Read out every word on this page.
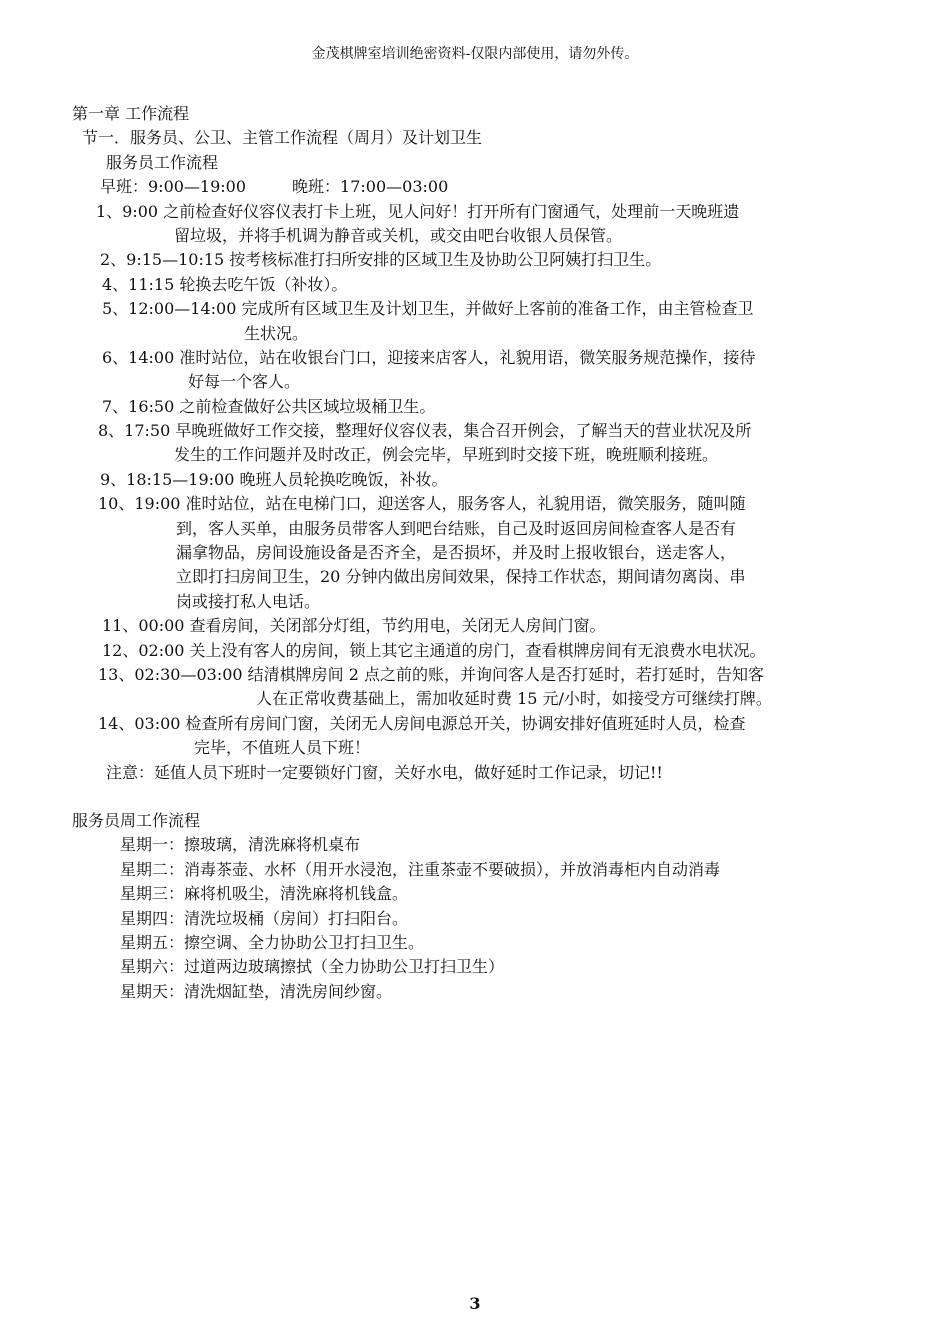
金茂棋牌室培训绝密资料-仅限内部使用，请勿外传。
第一章 工作流程
节一．服务员、公卫、主管工作流程（周月）及计划卫生
服务员工作流程
早班：9:00—19:00	晚班：17:00—03:00
1、9:00 之前检查好仪容仪表打卡上班，见人问好！打开所有门窗通气，处理前一天晚班遗
留垃圾，并将手机调为静音或关机，或交由吧台收银人员保管。
2、9:15—10:15 按考核标准打扫所安排的区域卫生及协助公卫阿姨打扫卫生。
4、11:15 轮换去吃午饭（补妆）。
5、12:00—14:00 完成所有区域卫生及计划卫生，并做好上客前的准备工作，由主管检查卫
生状况。
6、14:00 准时站位，站在收银台门口，迎接来店客人，礼貌用语，微笑服务规范操作，接待
好每一个客人。
7、16:50 之前检查做好公共区域垃圾桶卫生。
8、17:50 早晚班做好工作交接，整理好仪容仪表，集合召开例会，了解当天的营业状况及所
发生的工作问题并及时改正，例会完毕，早班到时交接下班，晚班顺利接班。
9、18:15—19:00 晚班人员轮换吃晚饭，补妆。
10、19:00 准时站位，站在电梯门口，迎送客人，服务客人，礼貌用语，微笑服务，随叫随
到，客人买单，由服务员带客人到吧台结账，自己及时返回房间检查客人是否有
漏拿物品，房间设施设备是否齐全，是否损坏，并及时上报收银台，送走客人，
立即打扫房间卫生，20 分钟内做出房间效果，保持工作状态，期间请勿离岗、串
岗或接打私人电话。
11、00:00 查看房间，关闭部分灯组，节约用电，关闭无人房间门窗。
12、02:00 关上没有客人的房间，锁上其它主通道的房门，查看棋牌房间有无浪费水电状况。
13、02:30—03:00 结清棋牌房间 2 点之前的账，并询问客人是否打延时，若打延时，告知客
人在正常收费基础上，需加收延时费 15 元/小时，如接受方可继续打牌。
14、03:00 检查所有房间门窗，关闭无人房间电源总开关，协调安排好值班延时人员，检查
完毕，不值班人员下班！
注意：延值人员下班时一定要锁好门窗，关好水电，做好延时工作记录，切记!!
服务员周工作流程
星期一：擦玻璃，清洗麻将机桌布
星期二：消毒茶壶、水杯（用开水浸泡，注重茶壶不要破损），并放消毒柜内自动消毒
星期三：麻将机吸尘，清洗麻将机钱盒。
星期四：清洗垃圾桶（房间）打扫阳台。
星期五：擦空调、全力协助公卫打扫卫生。
星期六：过道两边玻璃擦拭（全力协助公卫打扫卫生）
星期天：清洗烟缸垫，清洗房间纱窗。
3
